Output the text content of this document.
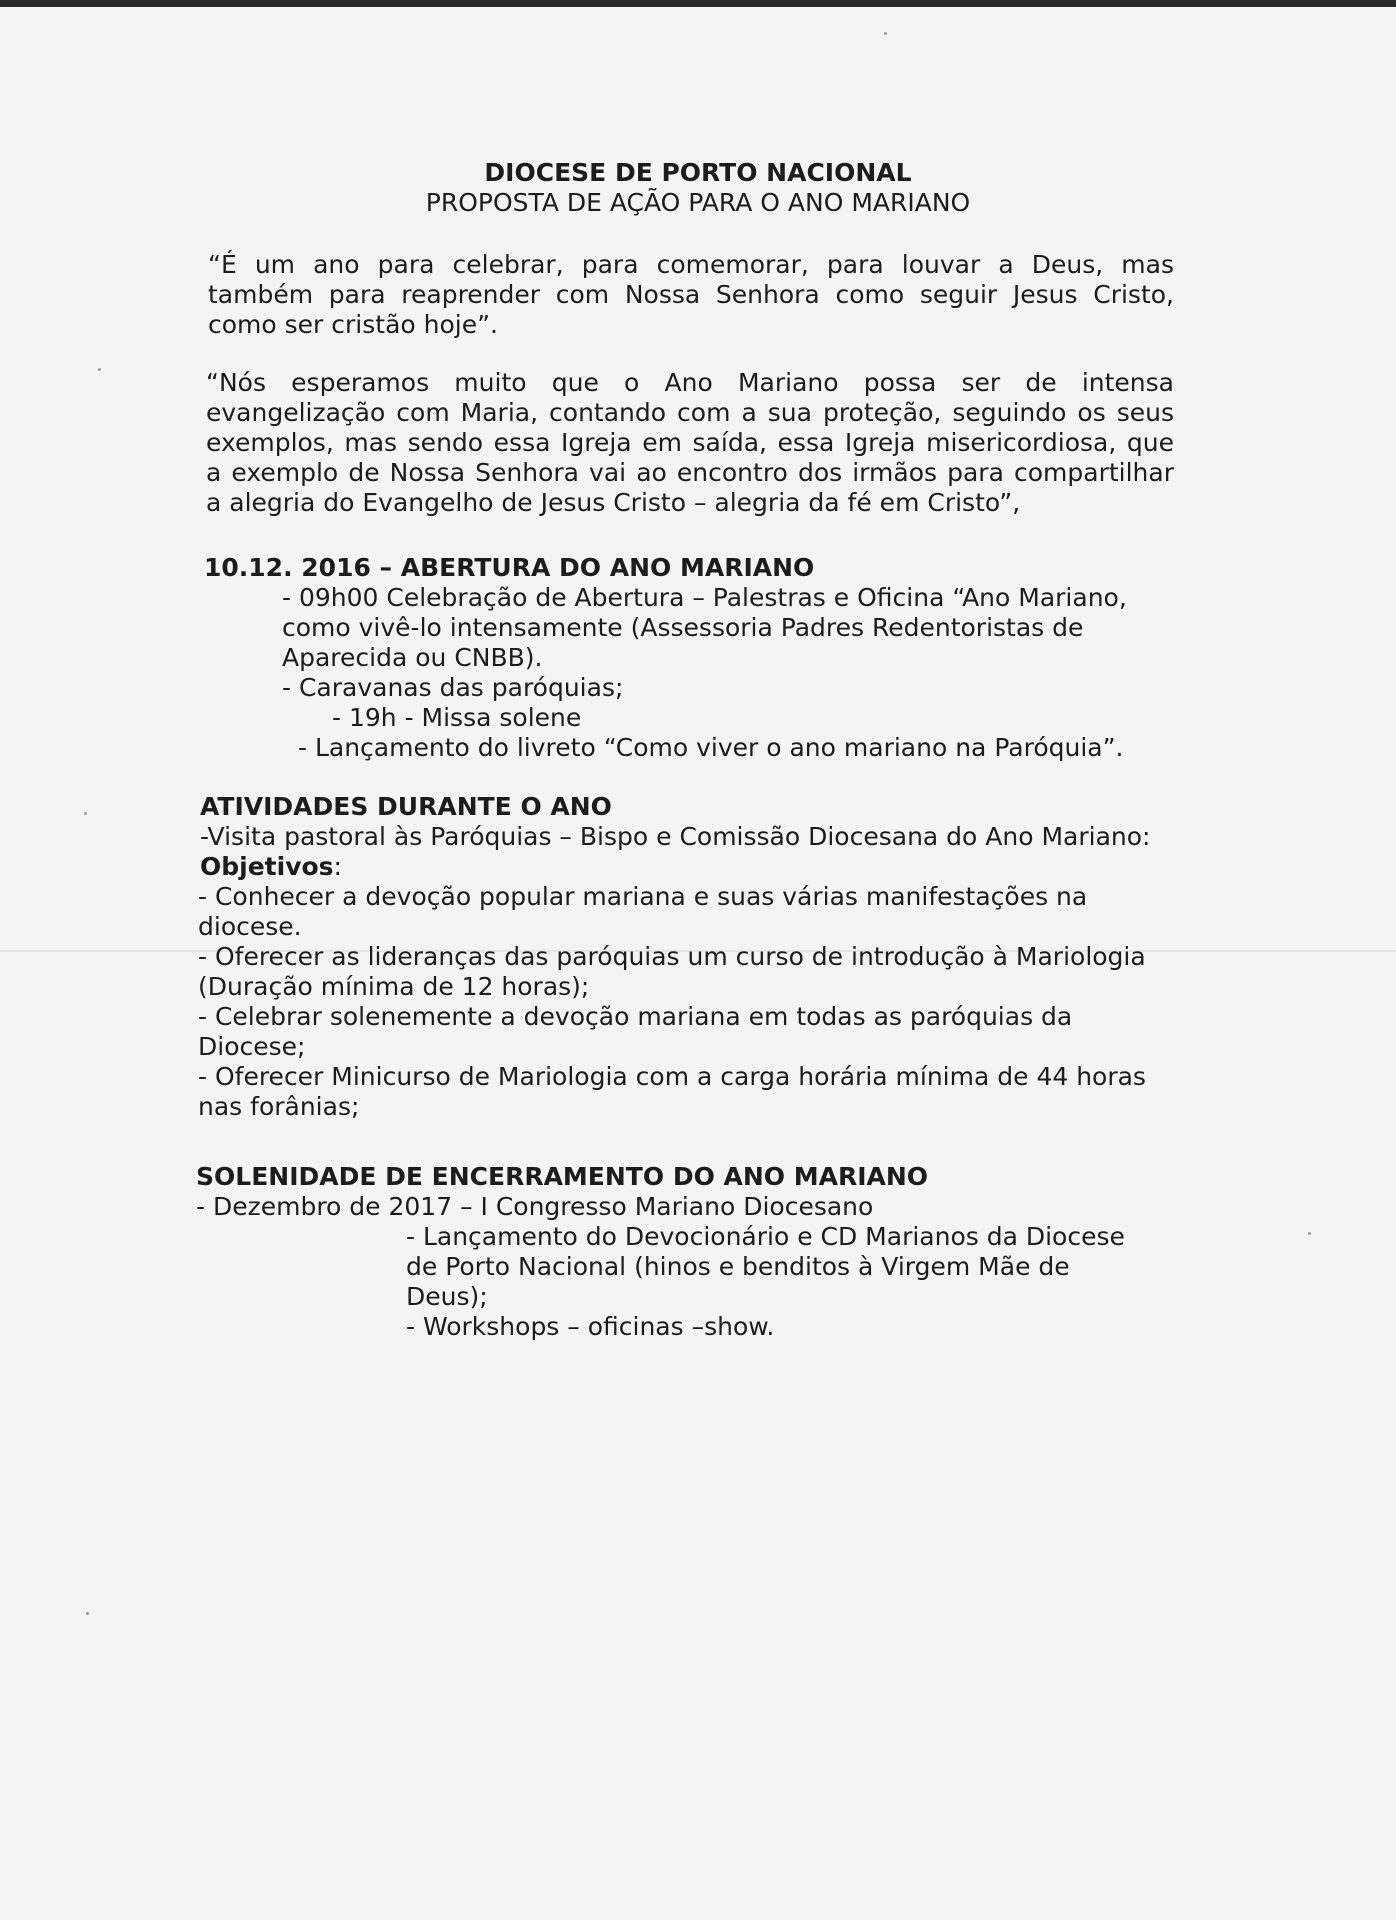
DIOCESE DE PORTO NACIONAL

PROPOSTA DE AÇÃO PARA O ANO MARIANO

“É um ano para celebrar, para comemorar, para louvar a Deus, mas
também para reaprender com Nossa Senhora como seguir Jesus Cristo,
como ser cristão hoje”.
“Nós esperamos muito que o Ano Mariano possa ser de intensa
evangelização com Maria, contando com a sua proteção, seguindo os seus
exemplos, mas sendo essa Igreja em saída, essa Igreja misericordiosa, que
a exemplo de Nossa Senhora vai ao encontro dos irmãos para compartilhar
a alegria do Evangelho de Jesus Cristo – alegria da fé em Cristo”,

10.12. 2016 – ABERTURA DO ANO MARIANO

- 09h00 Celebração de Abertura – Palestras e Oficina “Ano Mariano,
como vivê-lo intensamente (Assessoria Padres Redentoristas de
Aparecida ou CNBB).

- Caravanas das paróquias;

- 19h - Missa solene

- Lançamento do livreto “Como viver o ano mariano na Paróquia”.

ATIVIDADES DURANTE O ANO

-Visita pastoral às Paróquias – Bispo e Comissão Diocesana do Ano Mariano:

Objetivos:

- Conhecer a devoção popular mariana e suas várias manifestações na
diocese.
- Oferecer as lideranças das paróquias um curso de introdução à Mariologia
(Duração mínima de 12 horas);
- Celebrar solenemente a devoção mariana em todas as paróquias da
Diocese;
- Oferecer Minicurso de Mariologia com a carga horária mínima de 44 horas
nas forânias;

SOLENIDADE DE ENCERRAMENTO DO ANO MARIANO

- Dezembro de 2017 – I Congresso Mariano Diocesano

- Lançamento do Devocionário e CD Marianos da Diocese
de Porto Nacional (hinos e benditos à Virgem Mãe de
Deus);

- Workshops – oficinas –show.
